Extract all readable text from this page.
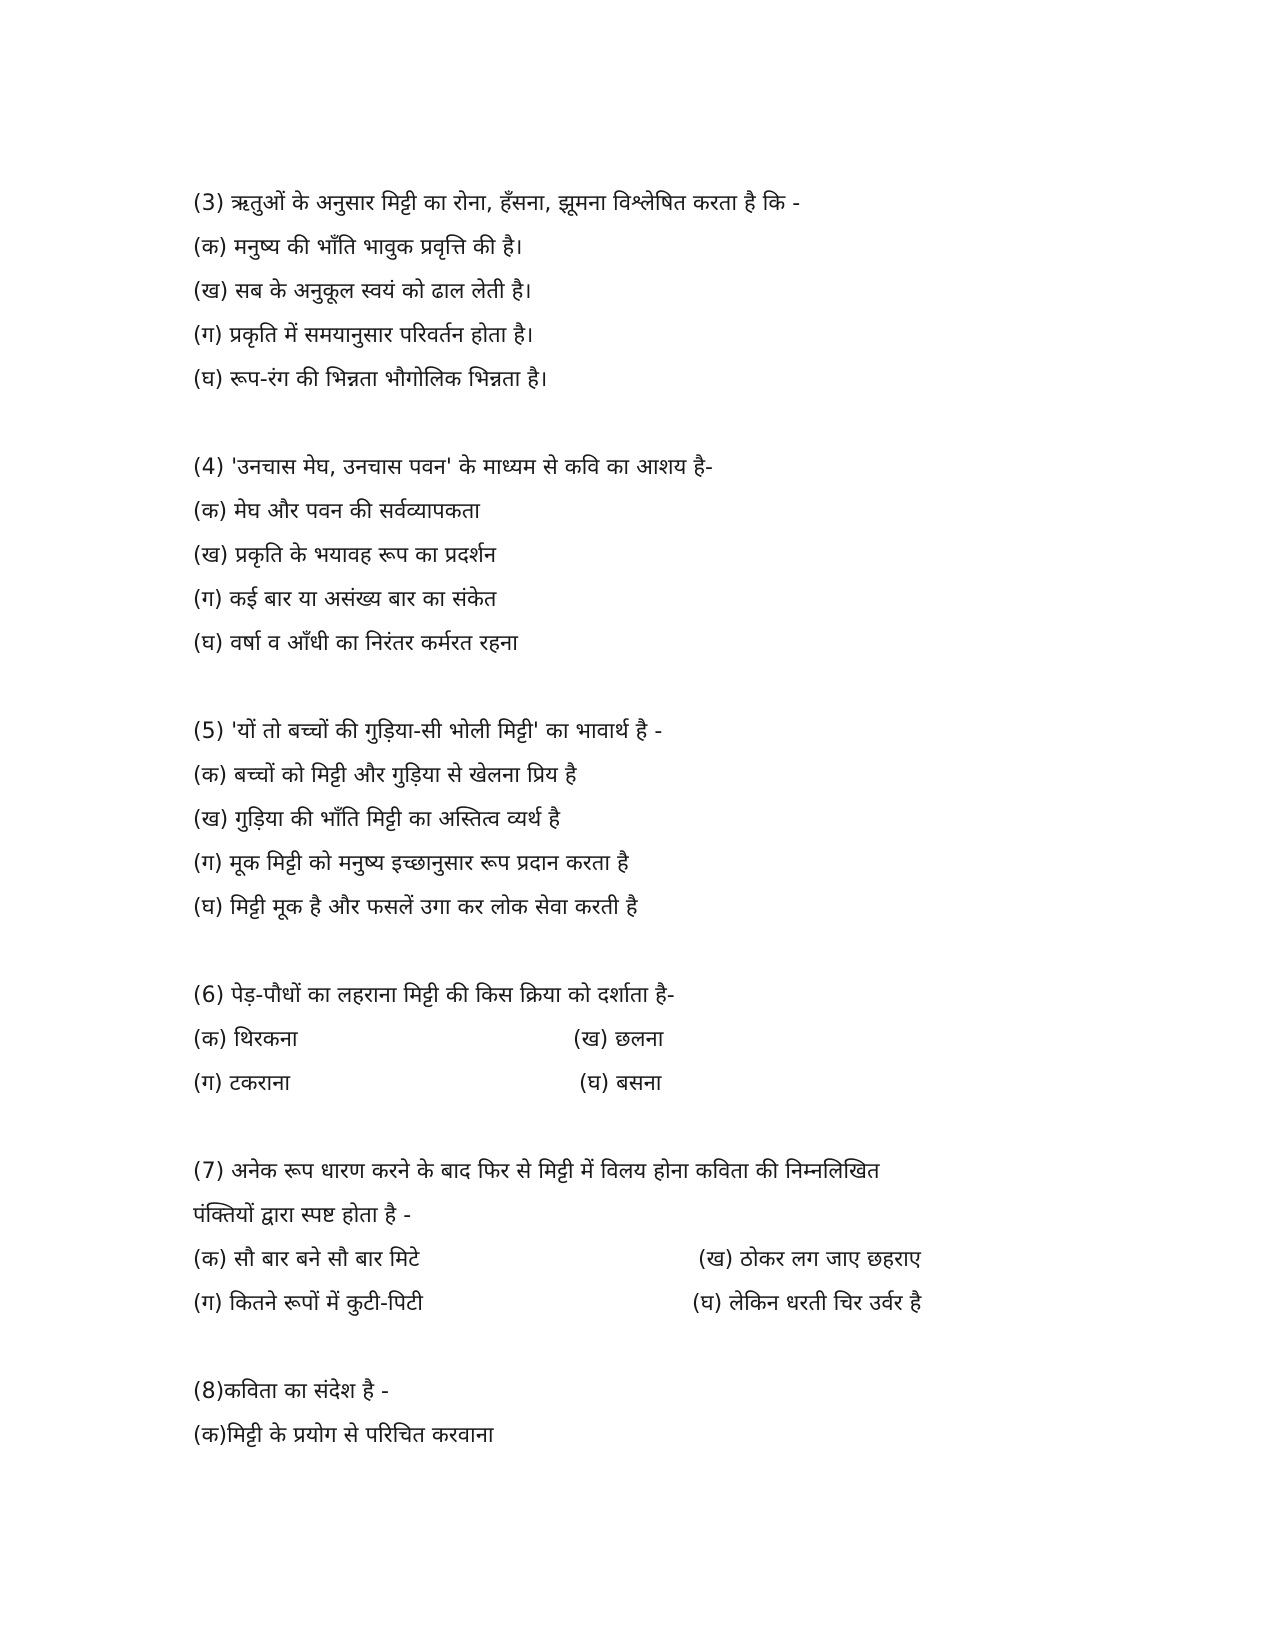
(3) ऋतुओं के अनुसार मिट्टी का रोना, हँसना, झूमना विश्लेषित करता है कि -
(क) मनुष्य की भाँति भावुक प्रवृत्ति की है।
(ख) सब के अनुकूल स्वयं को ढाल लेती है।
(ग) प्रकृति में समयानुसार परिवर्तन होता है।
(घ) रूप-रंग की भिन्नता भौगोलिक भिन्नता है।
(4) 'उनचास मेघ, उनचास पवन' के माध्यम से कवि का आशय है-
(क) मेघ और पवन की सर्वव्यापकता
(ख) प्रकृति के भयावह रूप का प्रदर्शन
(ग) कई बार या असंख्य बार का संकेत
(घ) वर्षा व आँधी का निरंतर कर्मरत रहना
(5) 'यों तो बच्चों की गुड़िया-सी भोली मिट्टी' का भावार्थ है -
(क) बच्चों को मिट्टी और गुड़िया से खेलना प्रिय है
(ख) गुड़िया की भाँति मिट्टी का अस्तित्व व्यर्थ है
(ग) मूक मिट्टी को मनुष्य इच्छानुसार रूप प्रदान करता है
(घ) मिट्टी मूक है और फसलें उगा कर लोक सेवा करती है
(6) पेड़-पौधों का लहराना मिट्टी की किस क्रिया को दर्शाता है-
(क) थिरकना	(ख) छलना
(ग) टकराना	(घ) बसना
(7) अनेक रूप धारण करने के बाद फिर से मिट्टी में विलय होना कविता की निम्नलिखित
पंक्तियों द्वारा स्पष्ट होता है -
(क) सौ बार बने सौ बार मिटे	(ख) ठोकर लग जाए छहराए
(ग) कितने रूपों में कुटी-पिटी	(घ) लेकिन धरती चिर उर्वर है
(8)कविता का संदेश है -
(क)मिट्टी के प्रयोग से परिचित करवाना
